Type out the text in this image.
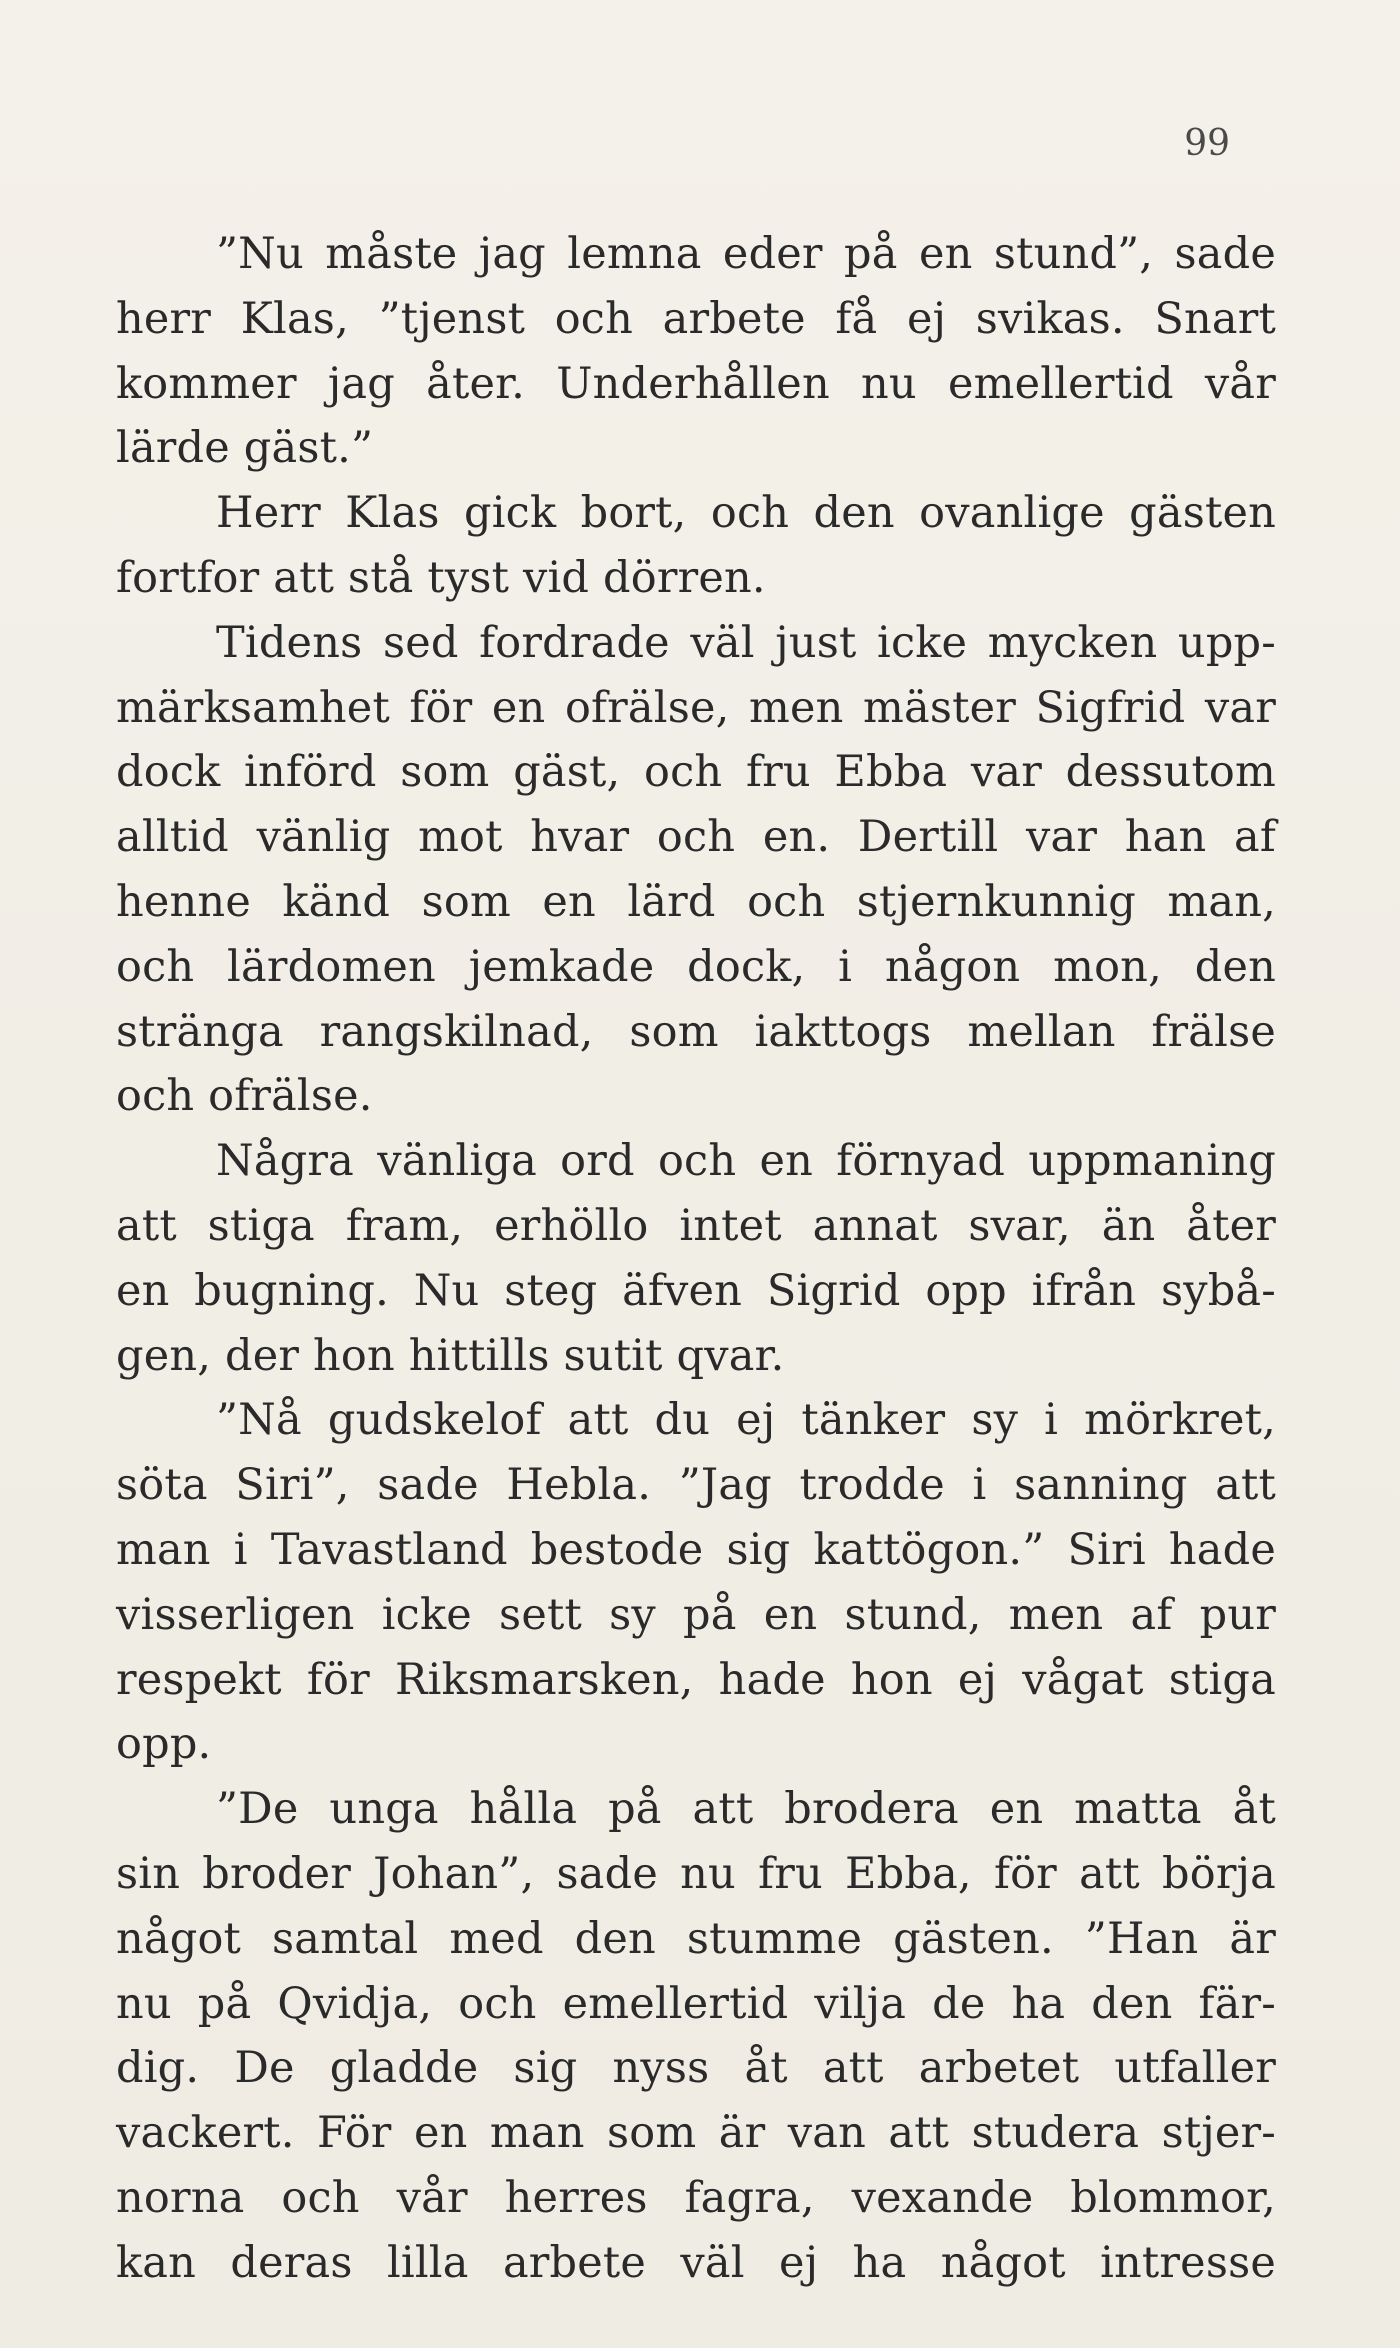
99
”Nu måste jag lemna eder på en stund”, sade
herr Klas, ”tjenst och arbete få ej svikas. Snart
kommer jag åter. Underhållen nu emellertid vår
lärde gäst.”
Herr Klas gick bort, och den ovanlige gästen
fortfor att stå tyst vid dörren.
Tidens sed fordrade väl just icke mycken upp-
märksamhet för en ofrälse, men mäster Sigfrid var
dock införd som gäst, och fru Ebba var dessutom
alltid vänlig mot hvar och en. Dertill var han af
henne känd som en lärd och stjernkunnig man,
och lärdomen jemkade dock, i någon mon, den
stränga rangskilnad, som iakttogs mellan frälse
och ofrälse.
Några vänliga ord och en förnyad uppmaning
att stiga fram, erhöllo intet annat svar, än åter
en bugning. Nu steg äfven Sigrid opp ifrån sybå-
gen, der hon hittills sutit qvar.
”Nå gudskelof att du ej tänker sy i mörkret,
söta Siri”, sade Hebla. ”Jag trodde i sanning att
man i Tavastland bestode sig kattögon.” Siri hade
visserligen icke sett sy på en stund, men af pur
respekt för Riksmarsken, hade hon ej vågat stiga
opp.
”De unga hålla på att brodera en matta åt
sin broder Johan”, sade nu fru Ebba, för att börja
något samtal med den stumme gästen. ”Han är
nu på Qvidja, och emellertid vilja de ha den fär-
dig. De gladde sig nyss åt att arbetet utfaller
vackert. För en man som är van att studera stjer-
norna och vår herres fagra, vexande blommor,
kan deras lilla arbete väl ej ha något intresse
